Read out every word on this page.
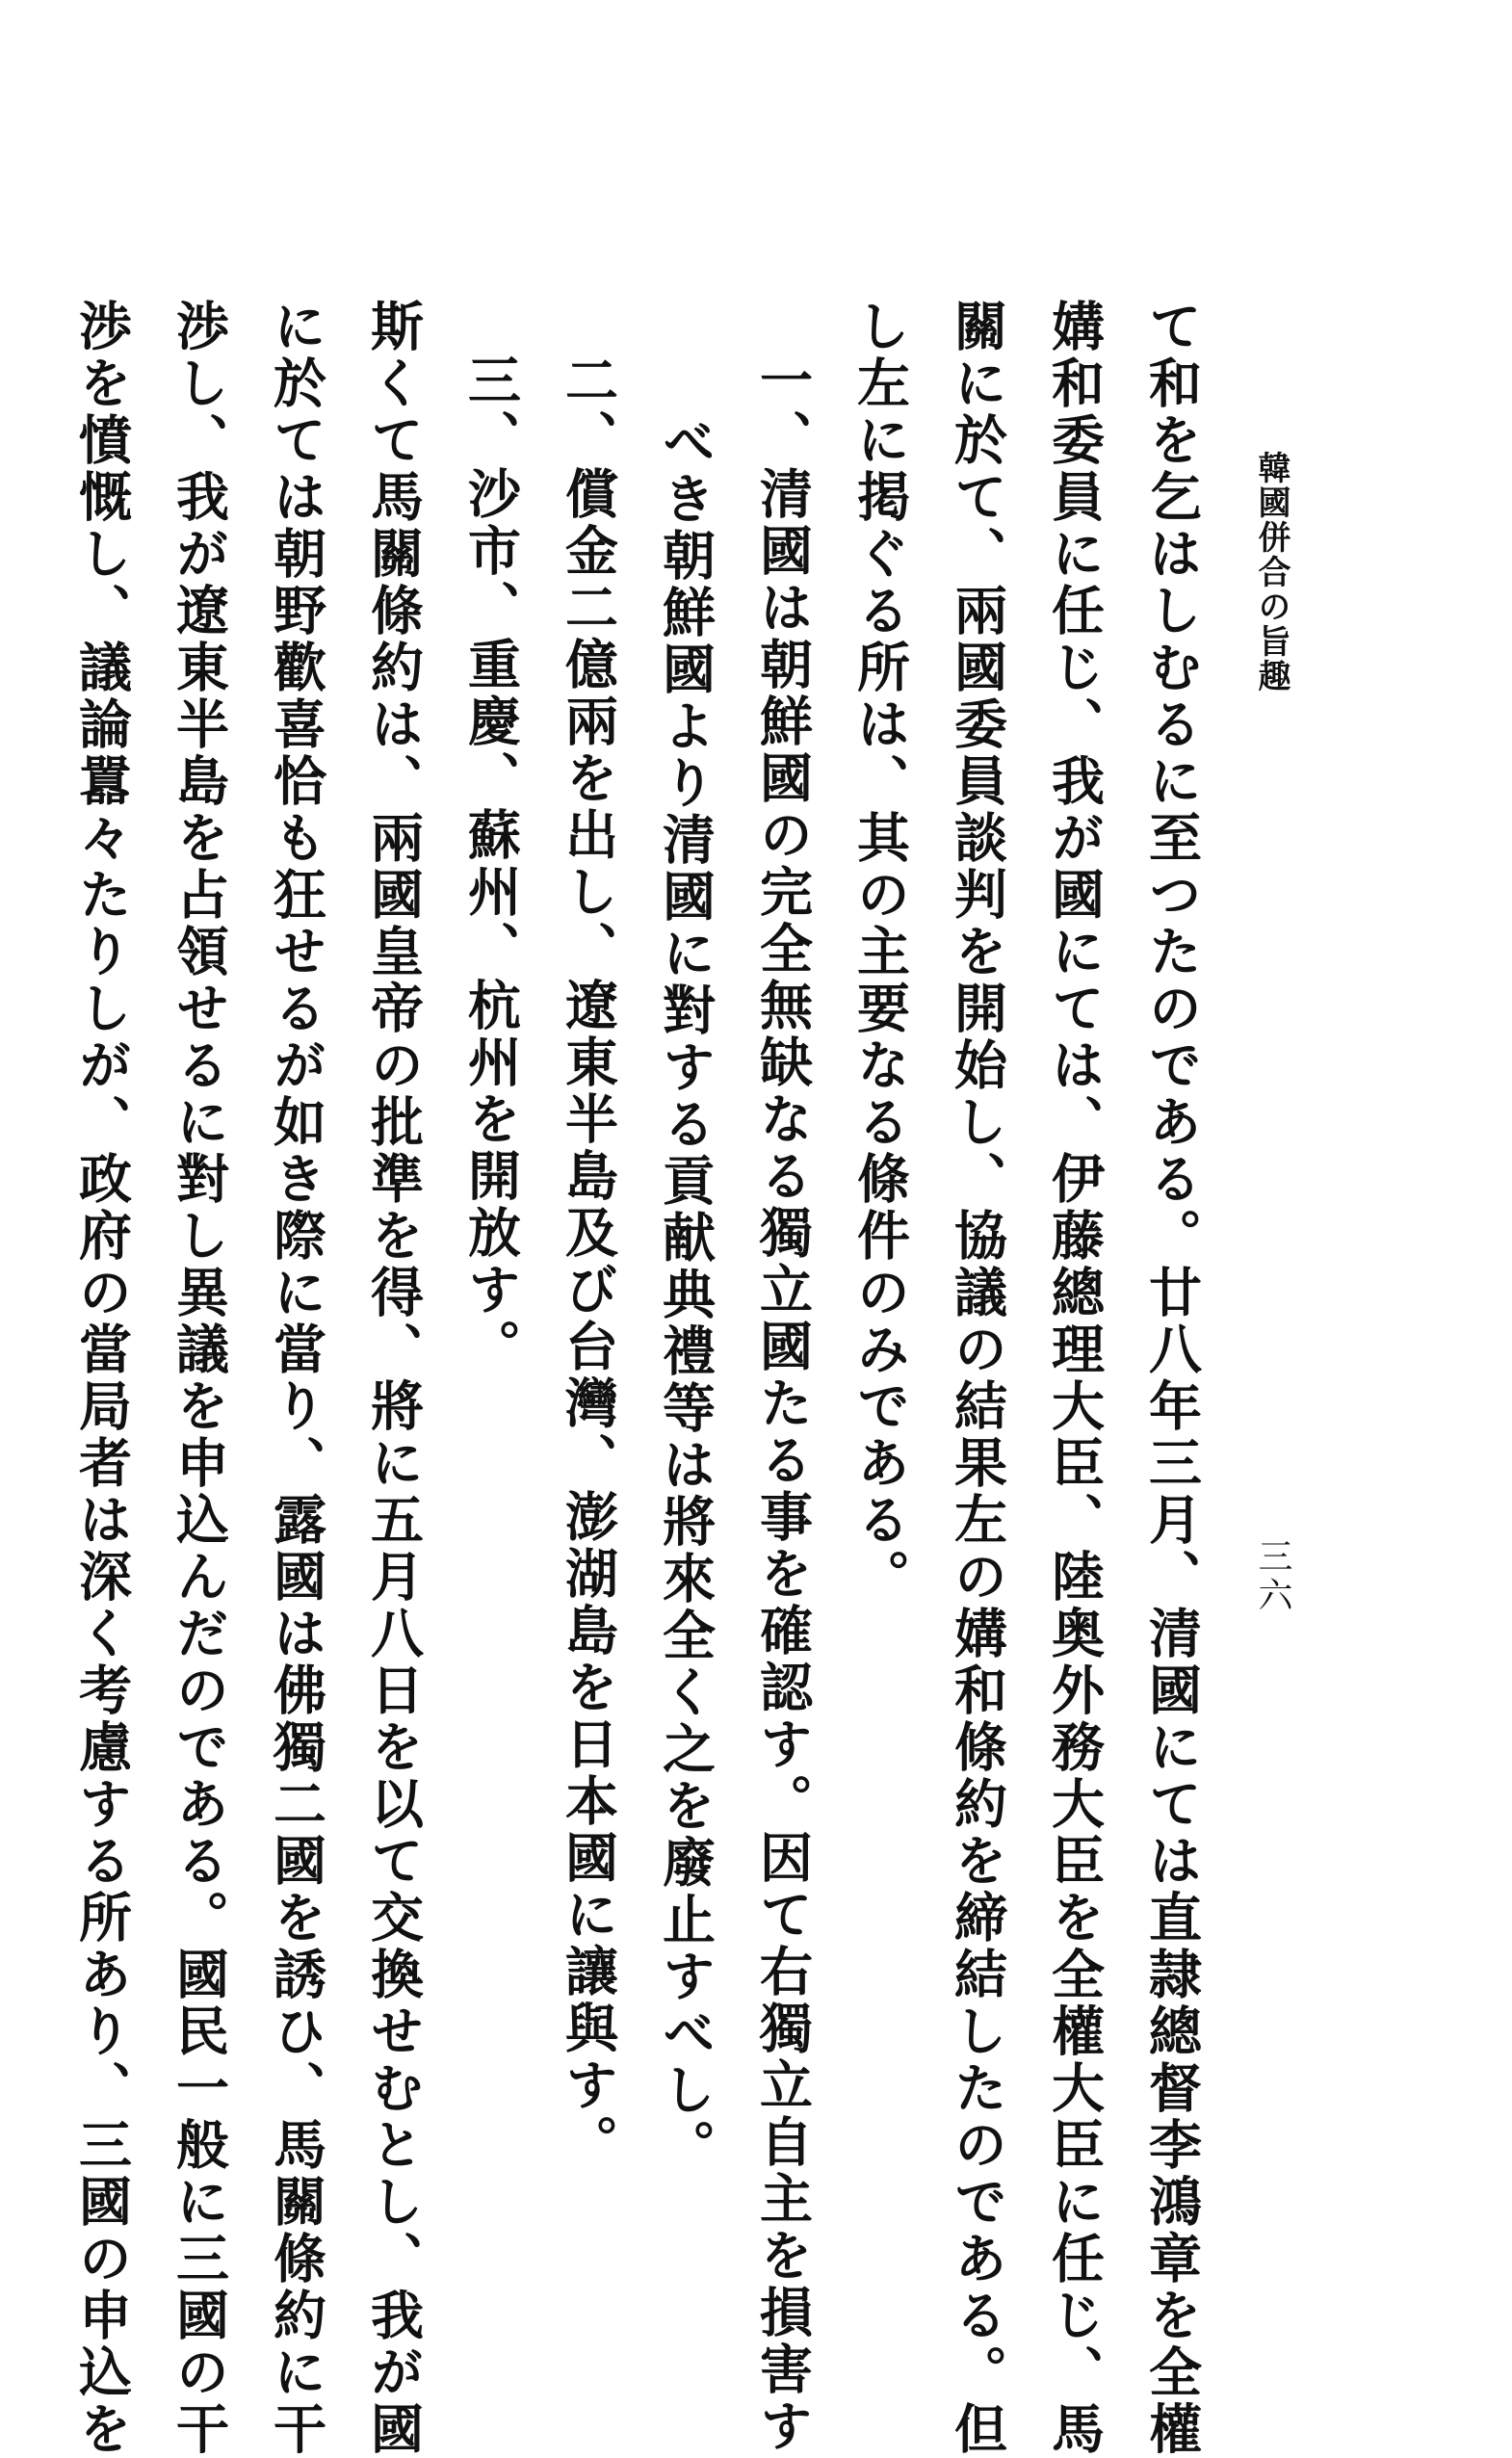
韓國併合の旨趣
三六
て和を乞はしむるに至つたのである。廿八年三月、清國にては直隷總督李鴻章を全權
媾和委員に任じ、我が國にては、伊藤總理大臣、陸奥外務大臣を全權大臣に任じ、馬
關に於て、兩國委員談判を開始し、協議の結果左の媾和條約を締結したのである。但
し左に掲ぐる所は、其の主要なる條件のみである。
一、清國は朝鮮國の完全無缺なる獨立國たる事を確認す。因て右獨立自主を損害す
べき朝鮮國より清國に對する貢献典禮等は將來全く之を廢止すべし。
二、償金二億兩を出し、遼東半島及び台灣、澎湖島を日本國に讓與す。
三、沙市、重慶、蘇州、杭州を開放す。
斯くて馬關條約は、兩國皇帝の批準を得、將に五月八日を以て交換せむとし、我が國
に於ては朝野歡喜恰も狂せるが如き際に當り、露國は佛獨二國を誘ひ、馬關條約に干
渉し、我が遼東半島を占領せるに對し異議を申込んだのである。國民一般に三國の干
渉を憤慨し、議論囂々たりしが、政府の當局者は深く考慮する所あり、三國の申込を
